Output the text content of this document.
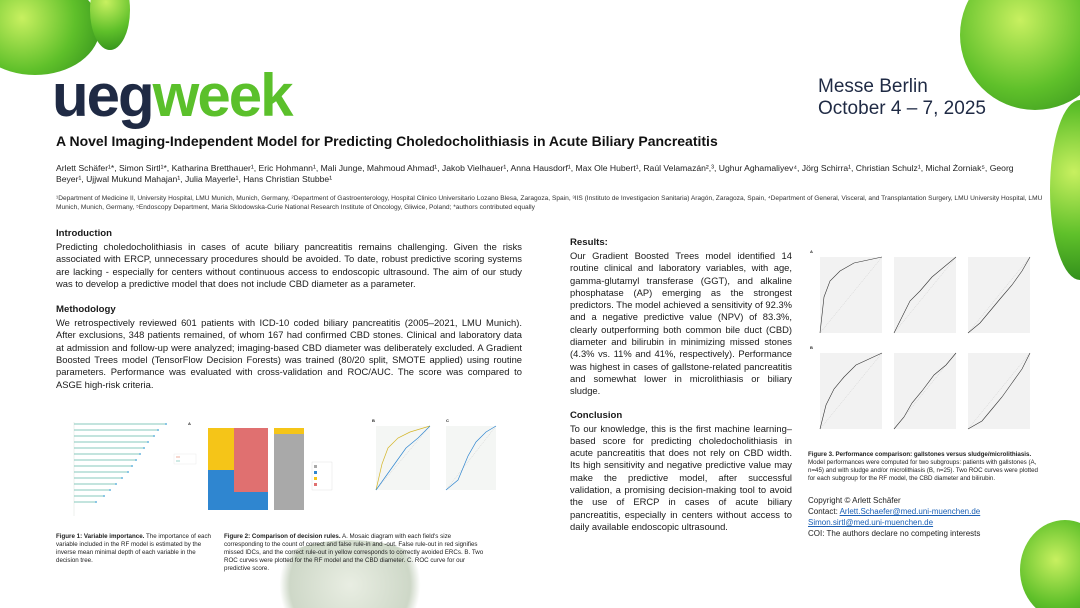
uegweek	Messe Berlin
October 4 – 7, 2025
A Novel Imaging-Independent Model for Predicting Choledocholithiasis in Acute Biliary Pancreatitis
Arlett Schäfer¹*, Simon Sirtl¹*, Katharina Bretthauer¹, Eric Hohmann¹, Mali Junge, Mahmoud Ahmad¹, Jakob Vielhauer¹, Anna Hausdorf¹, Max Ole Hubert¹, Raúl Velamazán²,³, Ughur Aghamaliyev⁴, Jörg Schirra¹, Christian Schulz¹, Michal Żorniak⁵, Georg Beyer¹, Ujjwal Mukund Mahajan¹, Julia Mayerle¹, Hans Christian Stubbe¹
¹Department of Medicine II, University Hospital, LMU Munich, Munich, Germany, ²Department of Gastroenterology, Hospital Clinico Universitario Lozano Blesa, Zaragoza, Spain, ³IIS (Instituto de Investigacion Sanitaria) Aragón, Zaragoza, Spain, ⁴Department of General, Visceral, and Transplantation Surgery, LMU University Hospital, LMU Munich, Munich, Germany, ⁵Endoscopy Department, Maria Sklodowska-Curie National Research Institute of Oncology, Gliwice, Poland; *authors contributed equally
Introduction
Predicting choledocholithiasis in cases of acute biliary pancreatitis remains challenging. Given the risks associated with ERCP, unnecessary procedures should be avoided. To date, robust predictive scoring systems are lacking - especially for centers without continuous access to endoscopic ultrasound. The aim of our study was to develop a predictive model that does not include CBD diameter as a parameter.
Methodology
We retrospectively reviewed 601 patients with ICD-10 coded biliary pancreatitis (2005–2021, LMU Munich). After exclusions, 348 patients remained, of whom 167 had confirmed CBD stones. Clinical and laboratory data at admission and follow-up were analyzed; imaging-based CBD diameter was deliberately excluded. A Gradient Boosted Trees model (TensorFlow Decision Forests) was trained (80/20 split, SMOTE applied) using routine parameters. Performance was evaluated with cross-validation and ROC/AUC. The score was compared to ASGE high-risk criteria.
Figure 1: Variable importance. The importance of each variable included in the RF model is estimated by the inverse mean minimal depth of each variable in the decision tree.
A
Figure 2: Comparison of decision rules. A. Mosaic diagram with each field's size corresponding to the count of correct and false rule-in and -out. False rule-out in red signifies missed IDCs, and the correct rule-out in yellow corresponds to correctly avoided ERCs. B. Two ROC curves were plotted for the RF model and the CBD diameter. C. ROC curve for our predictive score.
B	C
Results:
Our Gradient Boosted Trees model identified 14 routine clinical and laboratory variables, with age, gamma-glutamyl transferase (GGT), and alkaline phosphatase (AP) emerging as the strongest predictors. The model achieved a sensitivity of 92.3% and a negative predictive value (NPV) of 83.3%, clearly outperforming both common bile duct (CBD) diameter and bilirubin in minimizing missed stones (4.3% vs. 11% and 41%, respectively). Performance was highest in cases of gallstone-related pancreatitis and somewhat lower in microlithiasis or biliary sludge.
Conclusion
To our knowledge, this is the first machine learning–based score for predicting choledocholithiasis in acute pancreatitis that does not rely on CBD width. Its high sensitivity and negative predictive value may make the predictive model, after successful validation, a promising decision-making tool to avoid the use of ERCP in cases of acute biliary pancreatitis, especially in centers without access to daily available endoscopic ultrasound.
A
B
Figure 3. Performance comparison: gallstones versus sludge/microlithiasis. Model performances were computed for two subgroups: patients with gallstones (A, n=45) and with sludge and/or microlithiasis (B, n=25). Two ROC curves were plotted for each subgroup for the RF model, the CBD diameter and bilirubin.
Copyright © Arlett Schäfer
Contact: Arlett.Schaefer@med.uni-muenchen.de
Simon.sirtl@med.uni-muenchen.de
COI: The authors declare no competing interests
